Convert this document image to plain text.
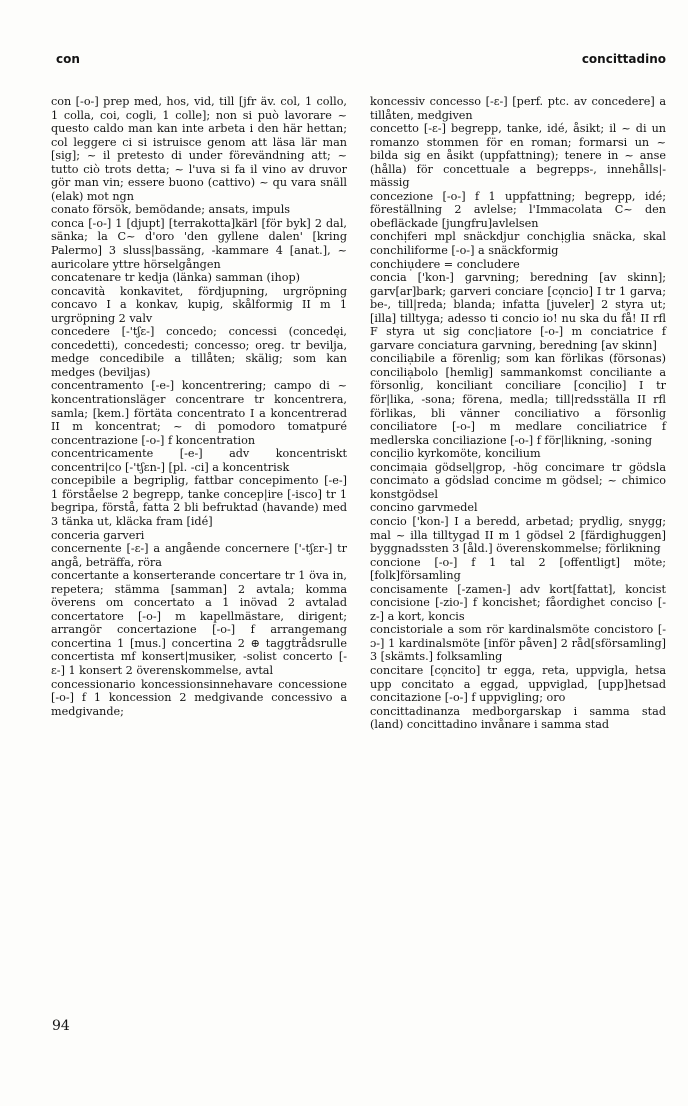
con	concittadino

con [-o-] prep med, hos, vid, till [jfr äv. col, 1 collo, 1 colla, coi, cogli, 1 colle]; non si può lavorare ~ questo caldo man kan inte arbeta i den här hettan; col leggere ci si istruisce genom att läsa lär man [sig]; ~ il pretesto di under förevändning att; ~ tutto ciò trots detta; ~ l'uva si fa il vino av druvor gör man vin; essere buono (cattivo) ~ qu vara snäll (elak) mot ngn

conato försök, bemödande; ansats, impuls

conca [-o-] 1 [djupt] [terrakotta]kärl [för byk] 2 dal, sänka; la C~ d'oro 'den gyllene dalen' [kring Palermo] 3 sluss|bassäng, -kammare 4 [anat.], ~ auricolare yttre hörselgången

concatenare tr kedja (länka) samman (ihop)

concavità konkavitet, fördjupning, urgröpning concavo I a konkav, kupig, skålformig II m 1 urgröpning 2 valv

concedere [-'tʃɛ-] concedo; concessi (concedęi, concedetti), concedesti; concesso; oreg. tr bevilja, medge concedibile a tillåten; skälig; som kan medges (beviljas)

concentramento [-e-] koncentrering; campo di ~ koncentrationsläger concentrare tr koncentrera, samla; [kem.] förtäta concentrato I a koncentrerad II m koncentrat; ~ di pomodoro tomatpuré concentrazione [-o-] f koncentration

concentricamente [-e-] adv koncentriskt concentri|co [-'tʃɛn-] [pl. -ci] a koncentrisk

concepibile a begriplig, fattbar concepimento [-e-] 1 förståelse 2 begrepp, tanke concep|ire [-isco] tr 1 begripa, förstå, fatta 2 bli befruktad (havande) med 3 tänka ut, kläcka fram [idé]

conceria garveri

concernente [-ɛ-] a angående concernere ['-tʃɛr-] tr angå, beträffa, röra

concertante a konserterande concertare tr 1 öva in, repetera; stämma [samman] 2 avtala; komma överens om concertato a 1 inövad 2 avtalad concertatore [-o-] m kapellmästare, dirigent; arrangör concertazione [-o-] f arrangemang concertina 1 [mus.] concertina 2 ⊕ taggtrådsrulle concertista mf konsert|musiker, -solist concerto [-ɛ-] 1 konsert 2 överenskommelse, avtal

concessionario koncessionsinnehavare concessione [-o-] f 1 koncession 2 medgivande concessivo a medgivande;

koncessiv concesso [-ɛ-] [perf. ptc. av concedere] a tillåten, medgiven

concetto [-ɛ-] begrepp, tanke, idé, åsikt; il ~ di un romanzo stommen för en roman; formarsi un ~ bilda sig en åsikt (uppfattning); tenere in ~ anse (hålla) för concettuale a begrepps-, innehålls|-mässig

concezione [-o-] f 1 uppfattning; begrepp, idé; föreställning 2 avlelse; l'Immacolata C~ den obefläckade [jungfru]avlelsen

conchịferi mpl snäckdjur conchịglia snäcka, skal conchiliforme [-o-] a snäckformig

conchiụdere = concludere

concia ['kon-] garvning; beredning [av skinn]; garv[ar]bark; garveri conciare [cọncio] I tr 1 garva; be-, till|reda; blanda; infatta [juveler] 2 styra ut; [illa] tilltyga; adesso ti concio io! nu ska du få! II rfl F styra ut sig conc|iatore [-o-] m conciatrice f garvare conciatura garvning, beredning [av skinn]

conciliạbile a förenlig; som kan förlikas (försonas) conciliạbolo [hemlig] sammankomst conciliante a försonlig, konciliant conciliare [concịlio] I tr för|lika, -sona; förena, medla; till|redsställa II rfl förlikas, bli vänner conciliativo a försonlig conciliatore [-o-] m medlare conciliatrice f medlerska conciliazione [-o-] f för|likning, -soning

concịlio kyrkomöte, koncilium

concimạia gödsel|grop, -hög concimare tr gödsla concimato a gödslad concime m gödsel; ~ chimico konstgödsel

concino garvmedel

concio ['kon-] I a beredd, arbetad; prydlig, snygg; mal ~ illa tilltygad II m 1 gödsel 2 [färdighuggen] byggnadssten 3 [åld.] överenskommelse; förlikning

concione [-o-] f 1 tal 2 [offentligt] möte; [folk]församling

concisamente [-zamen-] adv kort[fattat], koncist concisione [-zio-] f koncishet; fåordighet conciso [-z-] a kort, koncis

concistoriale a som rör kardinalsmöte concistoro [-ɔ-] 1 kardinalsmöte [inför påven] 2 råd[sförsamling] 3 [skämts.] folksamling

concitare [cọncito] tr egga, reta, uppvigla, hetsa upp concitato a eggad, uppviglad, [upp]hetsad concitazione [-o-] f uppvigling; oro

concittadinanza medborgarskap i samma stad (land) concittadino invånare i samma stad

94
